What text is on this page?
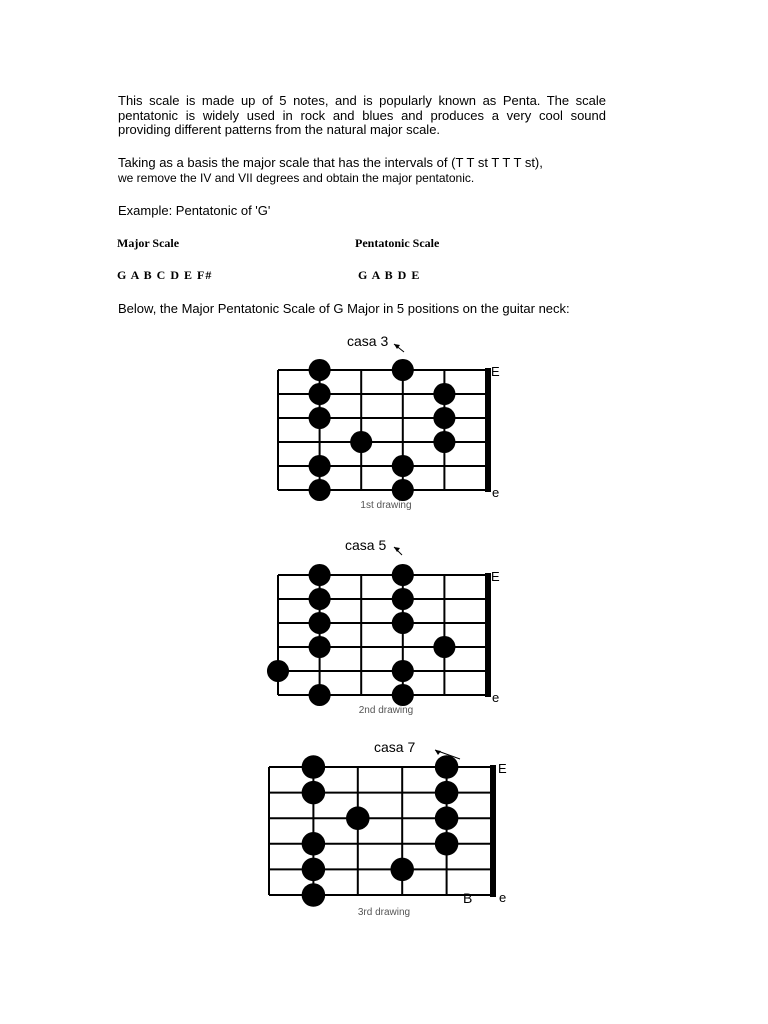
This scale is made up of 5 notes, and is popularly known as Penta. The scale pentatonic is widely used in rock and blues and produces a very cool sound providing different patterns from the natural major scale.
Taking as a basis the major scale that has the intervals of (T T st T T T st),
we remove the IV and VII degrees and obtain the major pentatonic.
Example: Pentatonic of 'G'
Major Scale	Pentatonic Scale
G A B C D E F#	G A B D E
Below, the Major Pentatonic Scale of G Major in 5 positions on the guitar neck:
casa 3
E
e
1st drawing
casa 5
E
e
2nd drawing
casa 7
E
e
B
3rd drawing
